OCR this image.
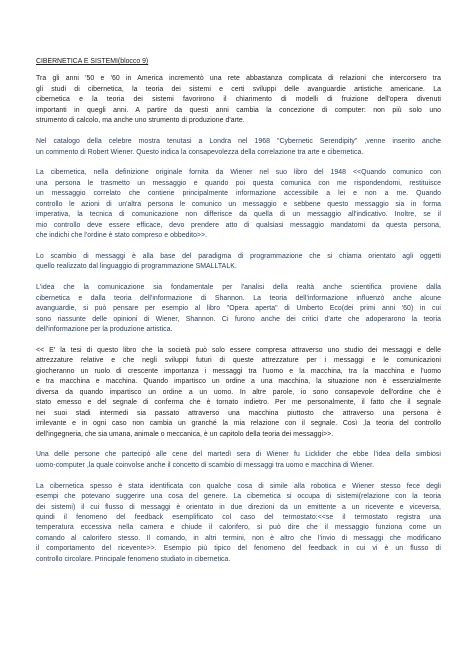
CIBERNETICA E SISTEMI(blocco 9)
Tra gli anni '50 e '60 in America incrementò una rete abbastanza complicata di relazioni che intercorsero tra
gli studi di cibernetica, la teoria dei sistemi e certi sviluppi delle avanguardie artistiche americane. La
cibernetica e la teoria dei sistemi favorirono il chiarimento di modelli di fruizione dell'opera divenuti
importanti in quegli anni. A partire da questi anni cambia la concezione di computer: non più solo uno
strumento di calcolo, ma anche uno strumento di produzione d'arte.
Nel catalogo della celebre mostra tenutasi a Londra nel 1968 "Cybernetic Serendipity" ,venne inserito anche
un commento di Robert Wiener. Questo indica la consapevolezza della correlazione tra arte e cibernetica.
La cibernetica, nella definizione originale fornita da Wiener nel suo libro del 1948 <<Quando comunico con
una persona le trasmetto un messaggio e quando poi questa comunica con me rispondendomi, restituisce
un messaggio correlato che contiene principalmente informazione accessibile a lei e non a me. Quando
controllo le azioni di un'altra persona le comunico un messaggio e sebbene questo messaggio sia in forma
imperativa, la tecnica di comunicazione non differisce da quella di un messaggio all'indicativo. Inoltre, se il
mio controllo deve essere efficace, devo prendere atto di qualsiasi messaggio mandatomi da questa persona,
che indichi che l'ordine è stato compreso e obbedito>>.
Lo scambio di messaggi è alla base del paradigma di programmazione che si chiama orientato agli oggetti
quello realizzato dal linguaggio di programmazione SMALLTALK.
L'idea che la comunicazione sia fondamentale per l'analisi della realtà anche scientifica proviene dalla
cibernetica e dalla teoria dell'informazione di Shannon. La teoria dell'informazione influenzò anche alcune
avanguardie, si può pensare per esempio al libro "Opera aperta" di Umberto Eco(dei primi anni '60) in cui
sono riassunte delle opinioni di Wiener, Shannon. Ci furono anche dei critici d'arte che adoperarono la teoria
dell'informazione per la produzione artistica.
<< E' la tesi di questo libro che la società può solo essere compresa attraverso uno studio dei messaggi e delle
attrezzature relative e che negli sviluppi futuri di queste attrezzature per i messaggi e le comunicazioni
giocheranno un ruolo di crescente importanza i messaggi tra l'uomo e la macchina, tra la macchina e l'uomo
e tra macchina e macchina. Quando impartisco un ordine a una macchina, la situazione non è essenzialmente
diversa da quando impartisco un ordine a un uomo. In altre parole, io sono consapevole dell'ordine che è
stato emesso e del segnale di conferma che è tornato indietro. Per me personalmente, il fatto che il segnale
nei suoi stadi intermedi sia passato attraverso una macchina piuttosto che attraverso una persona è
irrilevante e in ogni caso non cambia un granché la mia relazione con il segnale. Così ,la teoria del controllo
dell'ingegneria, che sia umana, animale o meccanica, è un capitolo della teoria dei messaggi>>.
Una delle persone che partecipò alle cene del martedì sera di Wiener fu Licklider che ebbe l'idea della simbiosi
uomo-computer ,la quale coinvolse anche il concetto di scambio di messaggi tra uomo e macchina di Wiener.
La cibernetica spesso è stata identificata con qualche cosa di simile alla robotica e Wiener stesso fece degli
esempi che potevano suggerire una cosa del genere. La cibernetica si occupa di sistemi(relazione con la teoria
dei sistemi) il cui flusso di messaggi è orientato in due direzioni da un emittente a un ricevente e viceversa,
quindi il fenomeno del feedback esemplificato col caso del termostato:<<se il termostato registra una
temperatura eccessiva nella camera e chiude il calorifero, si può dire che il messaggio funziona come un
comando al calorifero stesso. Il comando, in altri termini, non è altro che l'invio di messaggi che modificano
il comportamento del ricevente>>. Esempio più tipico del fenomeno del feedback in cui vi è un flusso di
controllo circolare. Principale fenomeno studiato in cibernetica.
